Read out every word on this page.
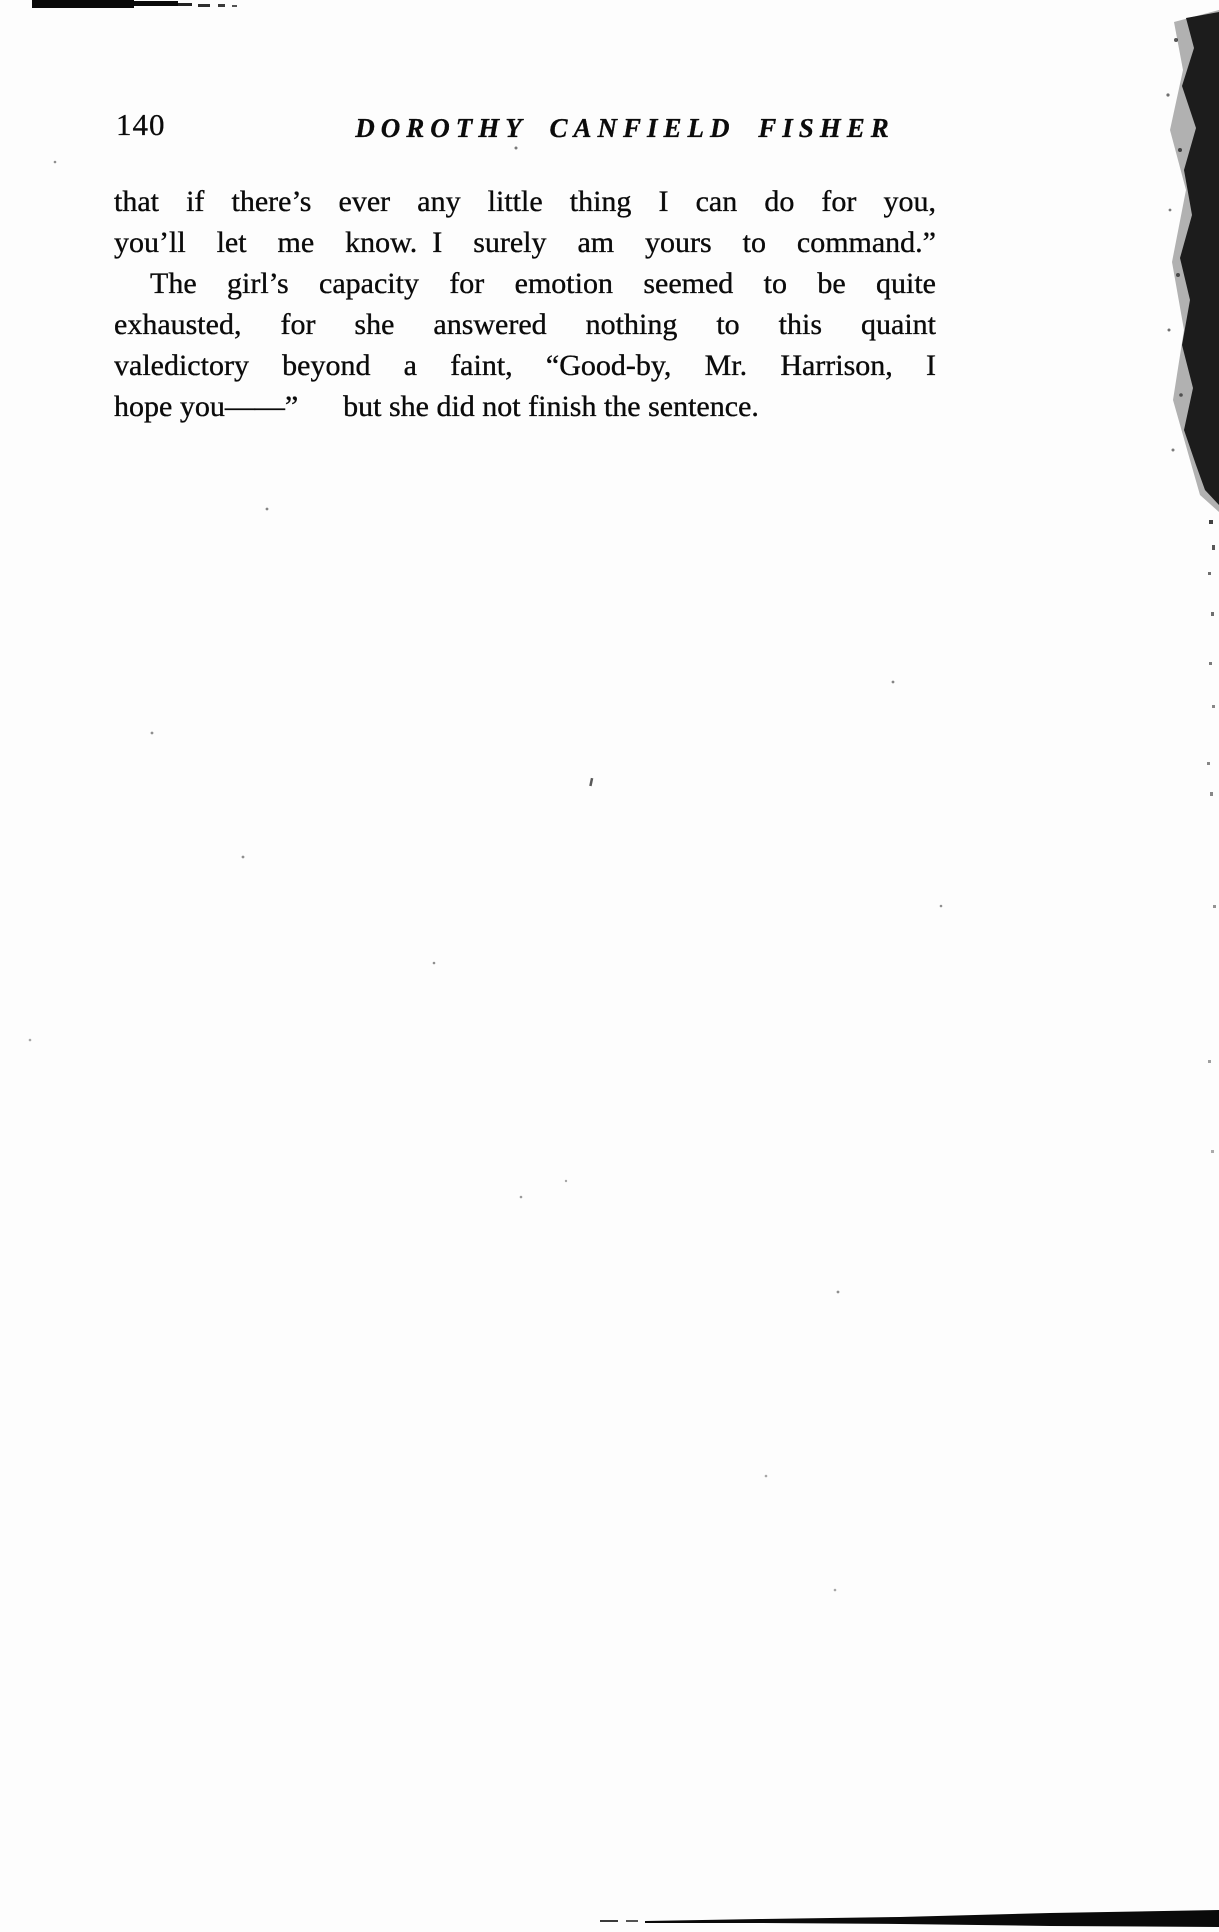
140	DOROTHY CANFIELD FISHER
that if there’s ever any little thing I can do for you,
you’ll let me know. I surely am yours to command.”
The girl’s capacity for emotion seemed to be quite
exhausted, for she answered nothing to this quaint
valedictory beyond a faint, “Good-by, Mr. Harrison, I
hope you——”  but she did not finish the sentence.
